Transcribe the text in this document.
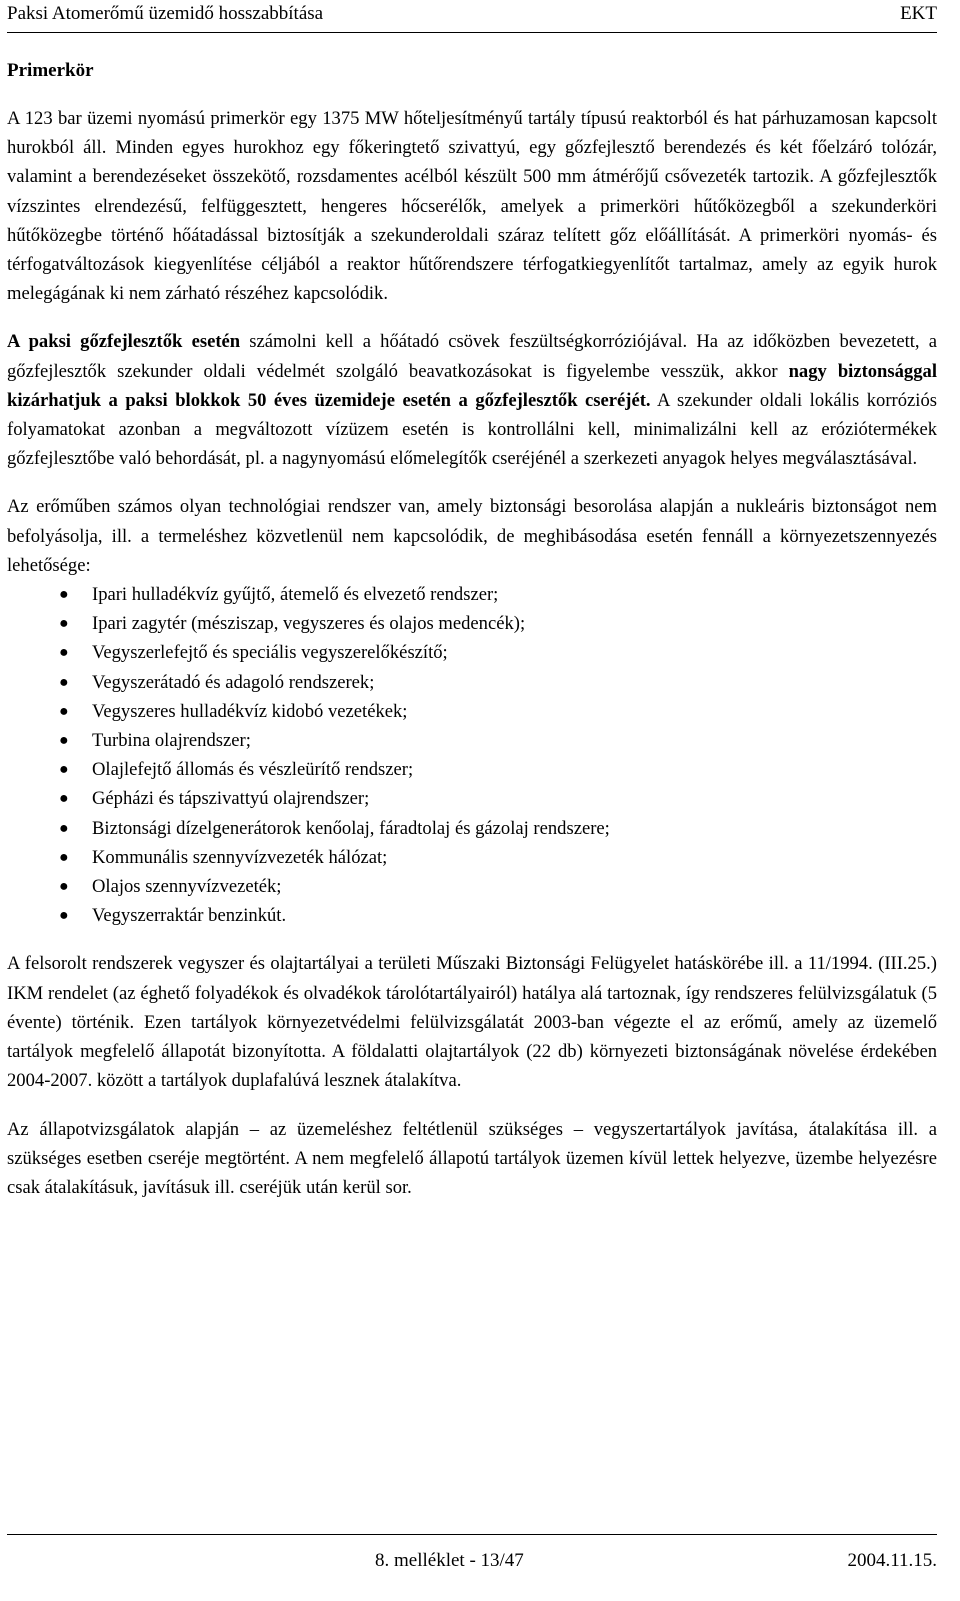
Paksi Atomerőmű üzemidő hosszabbítása	EKT
Primerkör

A 123 bar üzemi nyomású primerkör egy 1375 MW hőteljesítményű tartály típusú reaktorból és hat párhuzamosan kapcsolt hurokból áll. Minden egyes hurokhoz egy főkeringtető szivattyú, egy gőzfejlesztő berendezés és két főelzáró tolózár, valamint a berendezéseket összekötő, rozsdamentes acélból készült 500 mm átmérőjű csővezeték tartozik. A gőzfejlesztők vízszintes elrendezésű, felfüggesztett, hengeres hőcserélők, amelyek a primerköri hűtőközegből a szekunderköri hűtőközegbe történő hőátadással biztosítják a szekunderoldali száraz telített gőz előállítását. A primerköri nyomás- és térfogatváltozások kiegyenlítése céljából a reaktor hűtőrendszere térfogatkiegyenlítőt tartalmaz, amely az egyik hurok melegágának ki nem zárható részéhez kapcsolódik.

A paksi gőzfejlesztők esetén számolni kell a hőátadó csövek feszültségkorróziójával. Ha az időközben bevezetett, a gőzfejlesztők szekunder oldali védelmét szolgáló beavatkozásokat is figyelembe vesszük, akkor nagy biztonsággal kizárhatjuk a paksi blokkok 50 éves üzemideje esetén a gőzfejlesztők cseréjét. A szekunder oldali lokális korróziós folyamatokat azonban a megváltozott vízüzem esetén is kontrollálni kell, minimalizálni kell az eróziótermékek gőzfejlesztőbe való behordását, pl. a nagynyomású előmelegítők cseréjénél a szerkezeti anyagok helyes megválasztásával.

Az erőműben számos olyan technológiai rendszer van, amely biztonsági besorolása alapján a nukleáris biztonságot nem befolyásolja, ill. a termeléshez közvetlenül nem kapcsolódik, de meghibásodása esetén fennáll a környezetszennyezés lehetősége:

● Ipari hulladékvíz gyűjtő, átemelő és elvezető rendszer;
● Ipari zagytér (mésziszap, vegyszeres és olajos medencék);
● Vegyszerlefejtő és speciális vegyszerelőkészítő;
● Vegyszerátadó és adagoló rendszerek;
● Vegyszeres hulladékvíz kidobó vezetékek;
● Turbina olajrendszer;
● Olajlefejtő állomás és vészleürítő rendszer;
● Gépházi és tápszivattyú olajrendszer;
● Biztonsági dízelgenerátorok kenőolaj, fáradtolaj és gázolaj rendszere;
● Kommunális szennyvízvezeték hálózat;
● Olajos szennyvízvezeték;
● Vegyszerraktár benzinkút.

A felsorolt rendszerek vegyszer és olajtartályai a területi Műszaki Biztonsági Felügyelet hatáskörébe ill. a 11/1994. (III.25.) IKM rendelet (az éghető folyadékok és olvadékok tárolótartályairól) hatálya alá tartoznak, így rendszeres felülvizsgálatuk (5 évente) történik. Ezen tartályok környezetvédelmi felülvizsgálatát 2003-ban végezte el az erőmű, amely az üzemelő tartályok megfelelő állapotát bizonyította. A földalatti olajtartályok (22 db) környezeti biztonságának növelése érdekében 2004-2007. között a tartályok duplafalúvá lesznek átalakítva.

Az állapotvizsgálatok alapján – az üzemeléshez feltétlenül szükséges – vegyszertartályok javítása, átalakítása ill. a szükséges esetben cseréje megtörtént. A nem megfelelő állapotú tartályok üzemen kívül lettek helyezve, üzembe helyezésre csak átalakításuk, javításuk ill. cseréjük után kerül sor.

8. melléklet - 13/47	2004.11.15.
